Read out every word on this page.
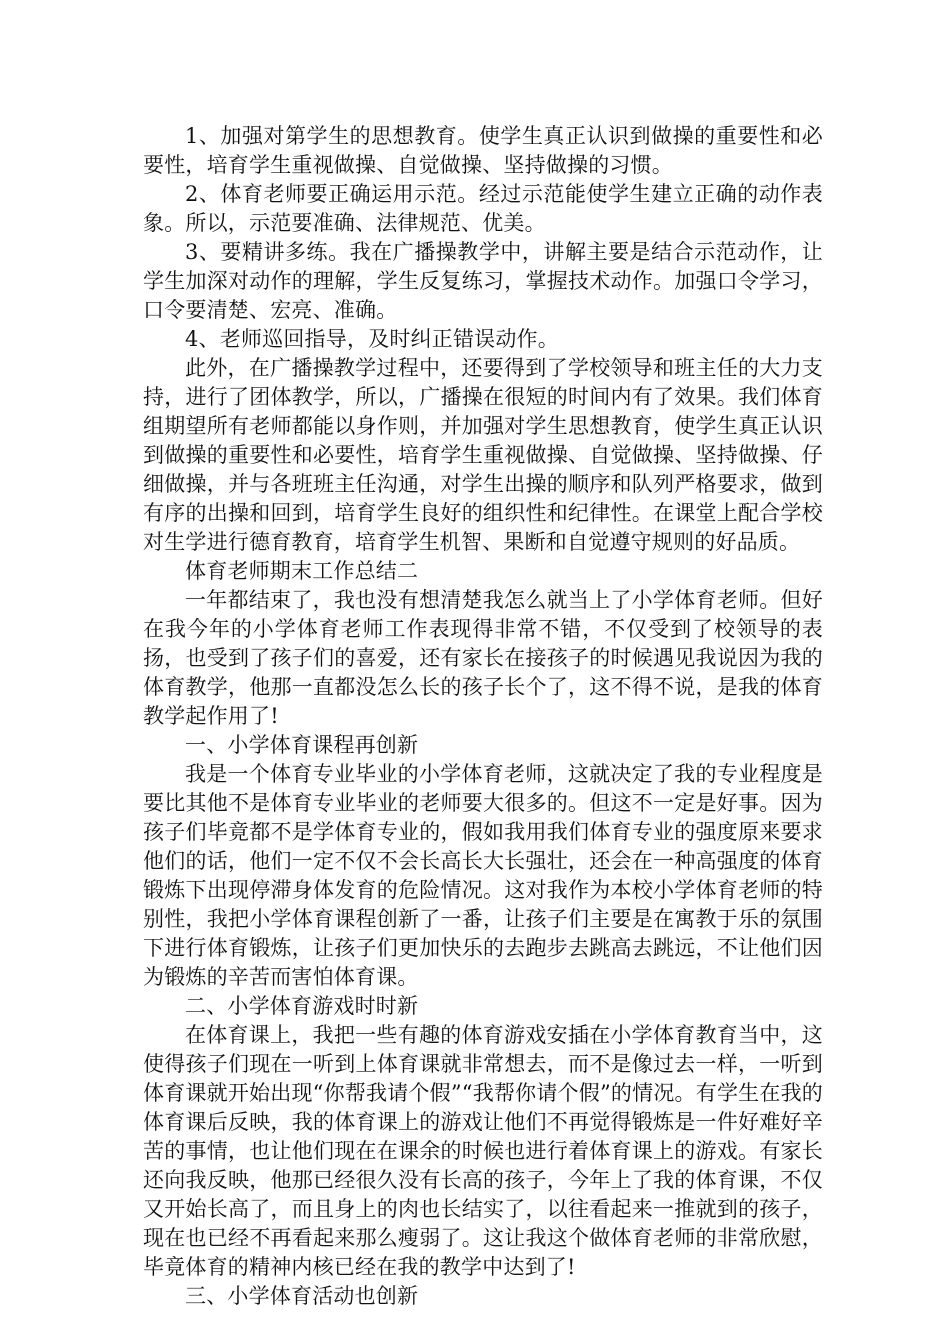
1、加强对第学生的思想教育。使学生真正认识到做操的重要性和必要性，培育学生重视做操、自觉做操、坚持做操的习惯。

2、体育老师要正确运用示范。经过示范能使学生建立正确的动作表象。所以，示范要准确、法律规范、优美。

3、要精讲多练。我在广播操教学中，讲解主要是结合示范动作，让学生加深对动作的理解，学生反复练习，掌握技术动作。加强口令学习，口令要清楚、宏亮、准确。

4、老师巡回指导，及时纠正错误动作。

此外，在广播操教学过程中，还要得到了学校领导和班主任的大力支持，进行了团体教学，所以，广播操在很短的时间内有了效果。我们体育组期望所有老师都能以身作则，并加强对学生思想教育，使学生真正认识到做操的重要性和必要性，培育学生重视做操、自觉做操、坚持做操、仔细做操，并与各班班主任沟通，对学生出操的顺序和队列严格要求，做到有序的出操和回到，培育学生良好的组织性和纪律性。在课堂上配合学校对生学进行德育教育，培育学生机智、果断和自觉遵守规则的好品质。

体育老师期末工作总结二

一年都结束了，我也没有想清楚我怎么就当上了小学体育老师。但好在我今年的小学体育老师工作表现得非常不错，不仅受到了校领导的表扬，也受到了孩子们的喜爱，还有家长在接孩子的时候遇见我说因为我的体育教学，他那一直都没怎么长的孩子长个了，这不得不说，是我的体育教学起作用了!

一、小学体育课程再创新

我是一个体育专业毕业的小学体育老师，这就决定了我的专业程度是要比其他不是体育专业毕业的老师要大很多的。但这不一定是好事。因为孩子们毕竟都不是学体育专业的，假如我用我们体育专业的强度原来要求他们的话，他们一定不仅不会长高长大长强壮，还会在一种高强度的体育锻炼下出现停滞身体发育的危险情况。这对我作为本校小学体育老师的特别性，我把小学体育课程创新了一番，让孩子们主要是在寓教于乐的氛围下进行体育锻炼，让孩子们更加快乐的去跑步去跳高去跳远，不让他们因为锻炼的辛苦而害怕体育课。

二、小学体育游戏时时新

在体育课上，我把一些有趣的体育游戏安插在小学体育教育当中，这使得孩子们现在一听到上体育课就非常想去，而不是像过去一样，一听到体育课就开始出现“你帮我请个假”“我帮你请个假”的情况。有学生在我的体育课后反映，我的体育课上的游戏让他们不再觉得锻炼是一件好难好辛苦的事情，也让他们现在在课余的时候也进行着体育课上的游戏。有家长还向我反映，他那已经很久没有长高的孩子，今年上了我的体育课，不仅又开始长高了，而且身上的肉也长结实了，以往看起来一推就到的孩子，现在也已经不再看起来那么瘦弱了。这让我这个做体育老师的非常欣慰，毕竟体育的精神内核已经在我的教学中达到了!

三、小学体育活动也创新
